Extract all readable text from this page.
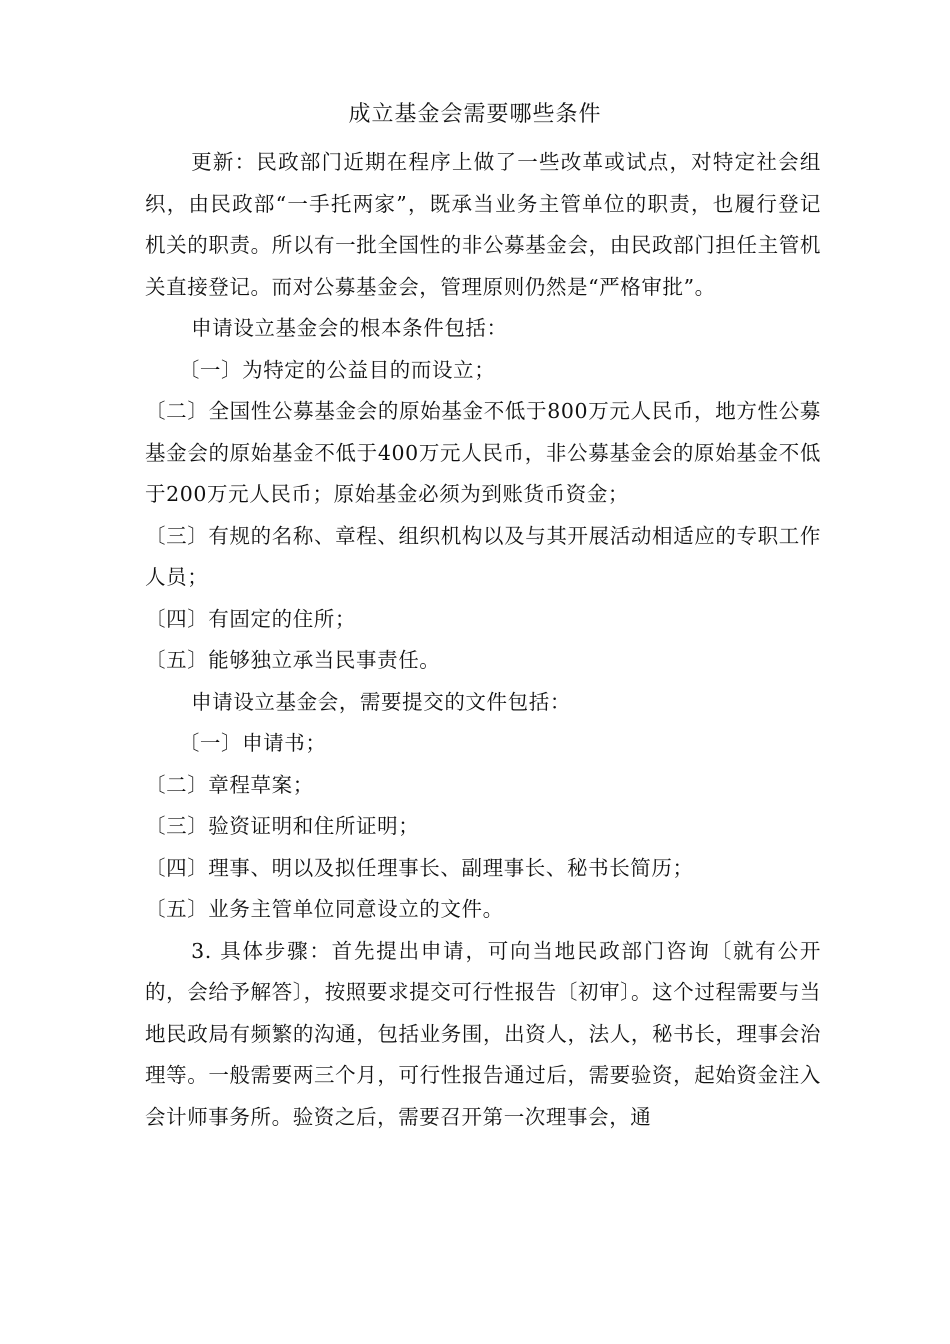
成立基金会需要哪些条件

更新：民政部门近期在程序上做了一些改革或试点，对特定社会组织，由民政部“一手托两家”，既承当业务主管单位的职责，也履行登记机关的职责。所以有一批全国性的非公募基金会，由民政部门担任主管机关直接登记。而对公募基金会，管理原则仍然是“严格审批”。

申请设立基金会的根本条件包括：

〔一〕为特定的公益目的而设立；

〔二〕全国性公募基金会的原始基金不低于800万元人民币，地方性公募基金会的原始基金不低于400万元人民币，非公募基金会的原始基金不低于200万元人民币；原始基金必须为到账货币资金；

〔三〕有规的名称、章程、组织机构以及与其开展活动相适应的专职工作人员；

〔四〕有固定的住所；

〔五〕能够独立承当民事责任。

申请设立基金会，需要提交的文件包括：

〔一〕申请书；

〔二〕章程草案；

〔三〕验资证明和住所证明；

〔四〕理事、明以及拟任理事长、副理事长、秘书长简历；

〔五〕业务主管单位同意设立的文件。

3. 具体步骤：首先提出申请，可向当地民政部门咨询〔就有公开的，会给予解答〕，按照要求提交可行性报告〔初审〕。这个过程需要与当地民政局有频繁的沟通，包括业务围，出资人，法人，秘书长，理事会治理等。一般需要两三个月，可行性报告通过后，需要验资，起始资金注入会计师事务所。验资之后，需要召开第一次理事会，通
